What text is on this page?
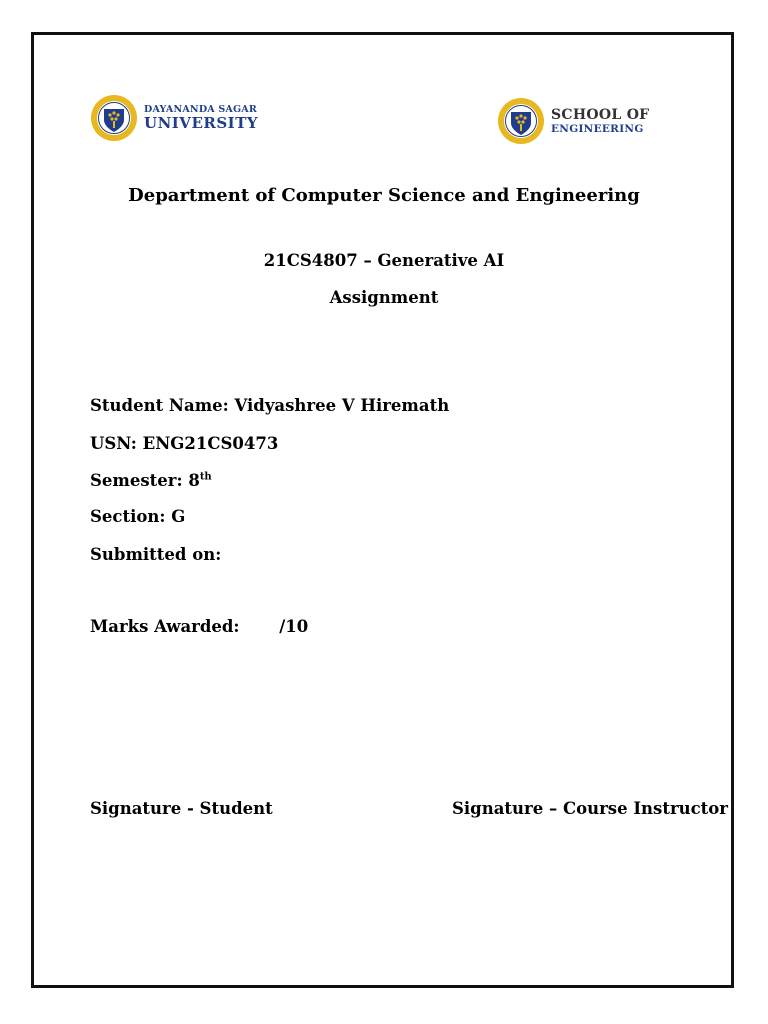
DAYANANDA SAGAR
UNIVERSITY	SCHOOL OF
ENGINEERING
Department of Computer Science and Engineering
21CS4807 – Generative AI
Assignment
Student Name: Vidyashree V Hiremath
USN: ENG21CS0473
Semester: 8th
Section: G
Submitted on:
Marks Awarded: /10
Signature - Student	Signature – Course Instructor
